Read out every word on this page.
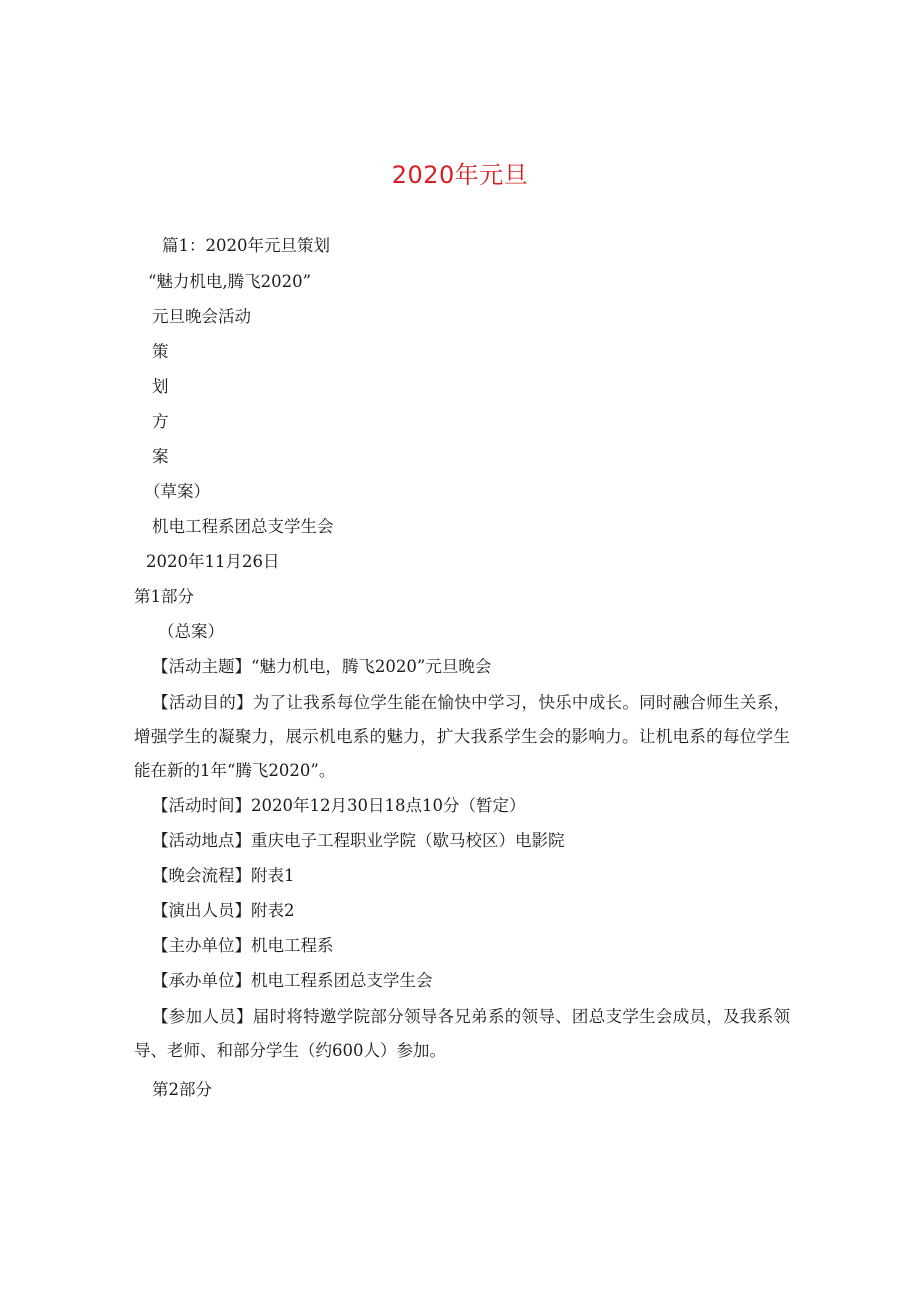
2020年元旦
篇1：2020年元旦策划
“魅力机电,腾飞2020”
元旦晚会活动
策
划
方
案
（草案）
机电工程系团总支学生会
2020年11月26日
第1部分
（总案）
【活动主题】“魅力机电，腾飞2020”元旦晚会
【活动目的】为了让我系每位学生能在愉快中学习，快乐中成长。同时融合师生关系，增强学生的凝聚力，展示机电系的魅力，扩大我系学生会的影响力。让机电系的每位学生能在新的1年“腾飞2020”。
【活动时间】2020年12月30日18点10分（暂定）
【活动地点】重庆电子工程职业学院（歇马校区）电影院
【晚会流程】附表1
【演出人员】附表2
【主办单位】机电工程系
【承办单位】机电工程系团总支学生会
【参加人员】届时将特邀学院部分领导各兄弟系的领导、团总支学生会成员，及我系领导、老师、和部分学生（约600人）参加。
第2部分
